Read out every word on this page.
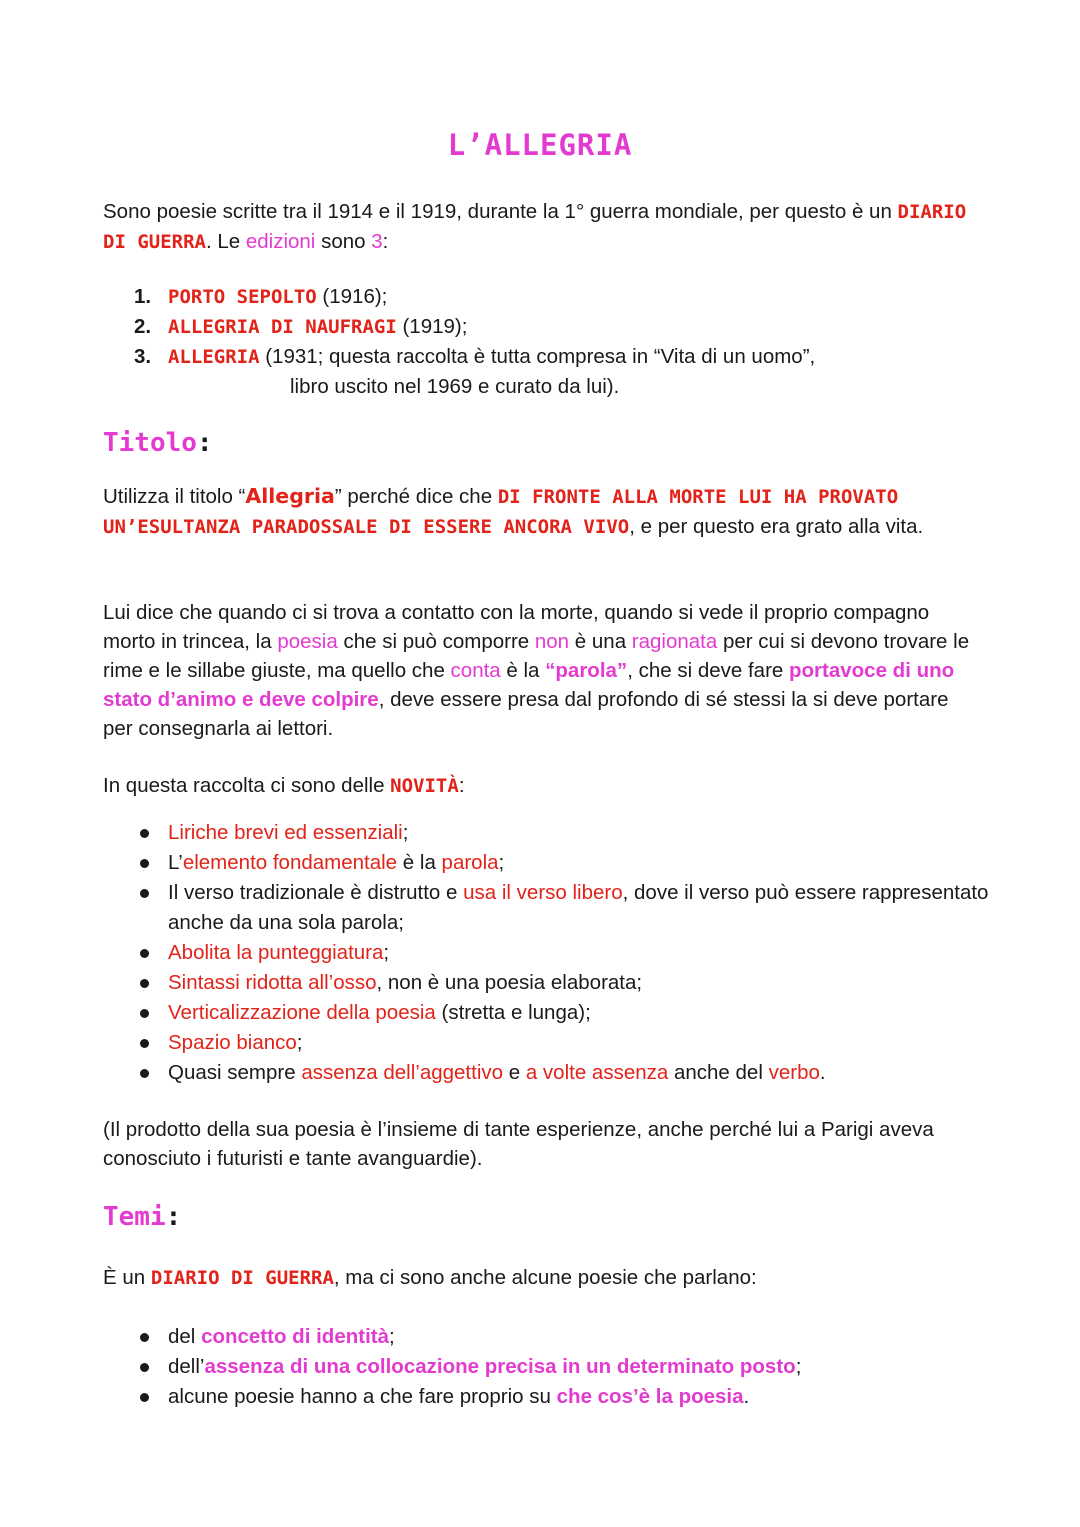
L’ALLEGRIA
Sono poesie scritte tra il 1914 e il 1919, durante la 1° guerra mondiale, per questo è un DIARIO DI GUERRA. Le edizioni sono 3:
1. PORTO SEPOLTO (1916);
2. ALLEGRIA DI NAUFRAGI (1919);
3. ALLEGRIA (1931; questa raccolta è tutta compresa in “Vita di un uomo”,
libro uscito nel 1969 e curato da lui).
Titolo:
Utilizza il titolo “Allegria” perché dice che DI FRONTE ALLA MORTE LUI HA PROVATO UN’ESULTANZA PARADOSSALE DI ESSERE ANCORA VIVO, e per questo era grato alla vita.
Lui dice che quando ci si trova a contatto con la morte, quando si vede il proprio compagno morto in trincea, la poesia che si può comporre non è una ragionata per cui si devono trovare le rime e le sillabe giuste, ma quello che conta è la “parola”, che si deve fare portavoce di uno stato d’animo e deve colpire, deve essere presa dal profondo di sé stessi la si deve portare per consegnarla ai lettori.
In questa raccolta ci sono delle NOVITÀ:
Liriche brevi ed essenziali;
L’elemento fondamentale è la parola;
Il verso tradizionale è distrutto e usa il verso libero, dove il verso può essere rappresentato anche da una sola parola;
Abolita la punteggiatura;
Sintassi ridotta all’osso, non è una poesia elaborata;
Verticalizzazione della poesia (stretta e lunga);
Spazio bianco;
Quasi sempre assenza dell’aggettivo e a volte assenza anche del verbo.
(Il prodotto della sua poesia è l’insieme di tante esperienze, anche perché lui a Parigi aveva conosciuto i futuristi e tante avanguardie).
Temi:
È un DIARIO DI GUERRA, ma ci sono anche alcune poesie che parlano:
del concetto di identità;
dell’assenza di una collocazione precisa in un determinato posto;
alcune poesie hanno a che fare proprio su che cos’è la poesia.
